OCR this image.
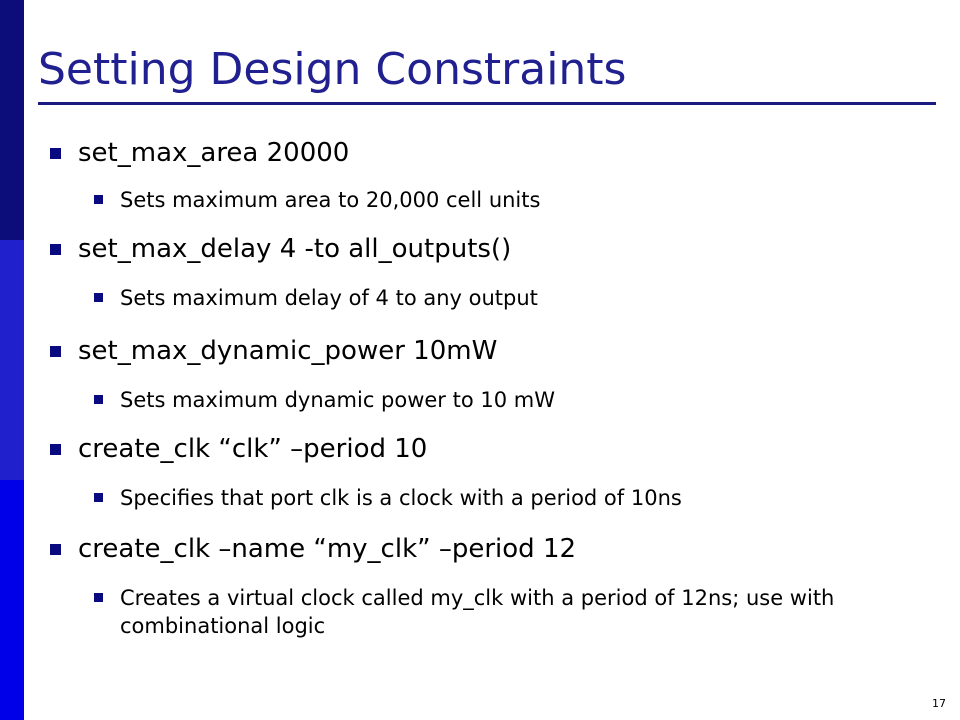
Setting Design Constraints
set_max_area 20000
Sets maximum area to 20,000 cell units
set_max_delay 4 -to all_outputs()
Sets maximum delay of 4 to any output
set_max_dynamic_power 10mW
Sets maximum dynamic power to 10 mW
create_clk “clk” –period 10
Specifies that port clk is a clock with a period of 10ns
create_clk –name “my_clk” –period 12
Creates a virtual clock called my_clk with a period of 12ns; use with combinational logic
17
